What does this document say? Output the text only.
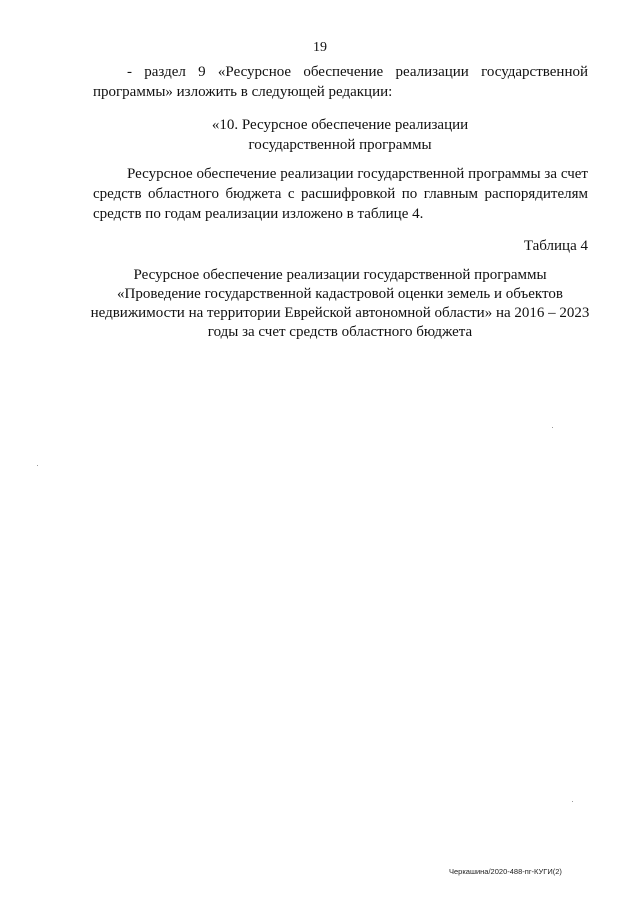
19
- раздел 9 «Ресурсное обеспечение реализации государственной
программы» изложить в следующей редакции:
«10. Ресурсное обеспечение реализации
государственной программы
Ресурсное обеспечение реализации государственной программы за счет
средств областного бюджета с расшифровкой по главным распорядителям
средств по годам реализации изложено в таблице 4.
Таблица 4
Ресурсное обеспечение реализации государственной программы
«Проведение государственной кадастровой оценки земель и объектов
недвижимости на территории Еврейской автономной области» на 2016 – 2023
годы за счет средств областного бюджета
Черкашина/2020-488-пг-КУГИ(2)
